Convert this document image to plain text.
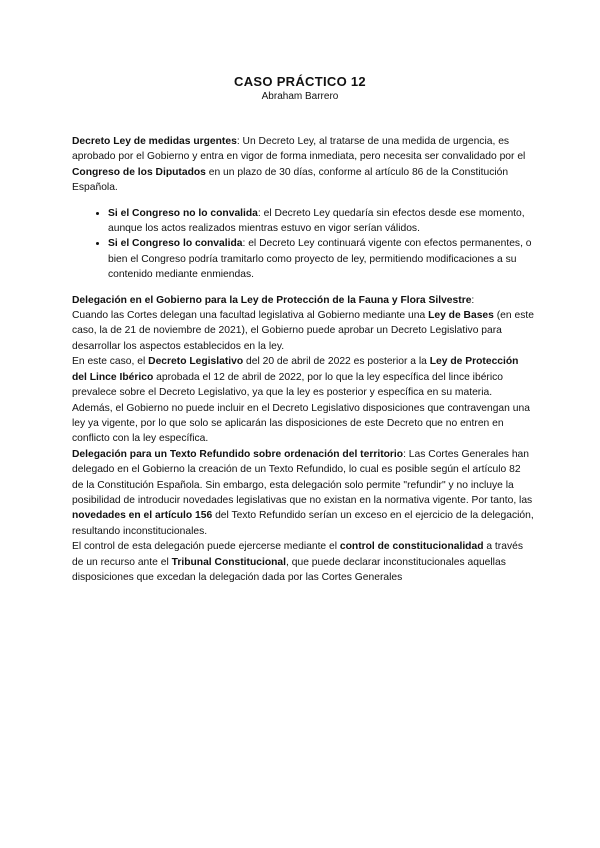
CASO PRÁCTICO 12
Abraham Barrero

Decreto Ley de medidas urgentes: Un Decreto Ley, al tratarse de una medida de urgencia, es aprobado por el Gobierno y entra en vigor de forma inmediata, pero necesita ser convalidado por el Congreso de los Diputados en un plazo de 30 días, conforme al artículo 86 de la Constitución Española.

• Si el Congreso no lo convalida: el Decreto Ley quedaría sin efectos desde ese momento, aunque los actos realizados mientras estuvo en vigor serían válidos.
• Si el Congreso lo convalida: el Decreto Ley continuará vigente con efectos permanentes, o bien el Congreso podría tramitarlo como proyecto de ley, permitiendo modificaciones a su contenido mediante enmiendas.

Delegación en el Gobierno para la Ley de Protección de la Fauna y Flora Silvestre:

Cuando las Cortes delegan una facultad legislativa al Gobierno mediante una Ley de Bases (en este caso, la de 21 de noviembre de 2021), el Gobierno puede aprobar un Decreto Legislativo para desarrollar los aspectos establecidos en la ley.

En este caso, el Decreto Legislativo del 20 de abril de 2022 es posterior a la Ley de Protección del Lince Ibérico aprobada el 12 de abril de 2022, por lo que la ley específica del lince ibérico prevalece sobre el Decreto Legislativo, ya que la ley es posterior y específica en su materia. Además, el Gobierno no puede incluir en el Decreto Legislativo disposiciones que contravengan una ley ya vigente, por lo que solo se aplicarán las disposiciones de este Decreto que no entren en conflicto con la ley específica.

Delegación para un Texto Refundido sobre ordenación del territorio: Las Cortes Generales han delegado en el Gobierno la creación de un Texto Refundido, lo cual es posible según el artículo 82 de la Constitución Española. Sin embargo, esta delegación solo permite "refundir" y no incluye la posibilidad de introducir novedades legislativas que no existan en la normativa vigente. Por tanto, las novedades en el artículo 156 del Texto Refundido serían un exceso en el ejercicio de la delegación, resultando inconstitucionales.

El control de esta delegación puede ejercerse mediante el control de constitucionalidad a través de un recurso ante el Tribunal Constitucional, que puede declarar inconstitucionales aquellas disposiciones que excedan la delegación dada por las Cortes Generales
